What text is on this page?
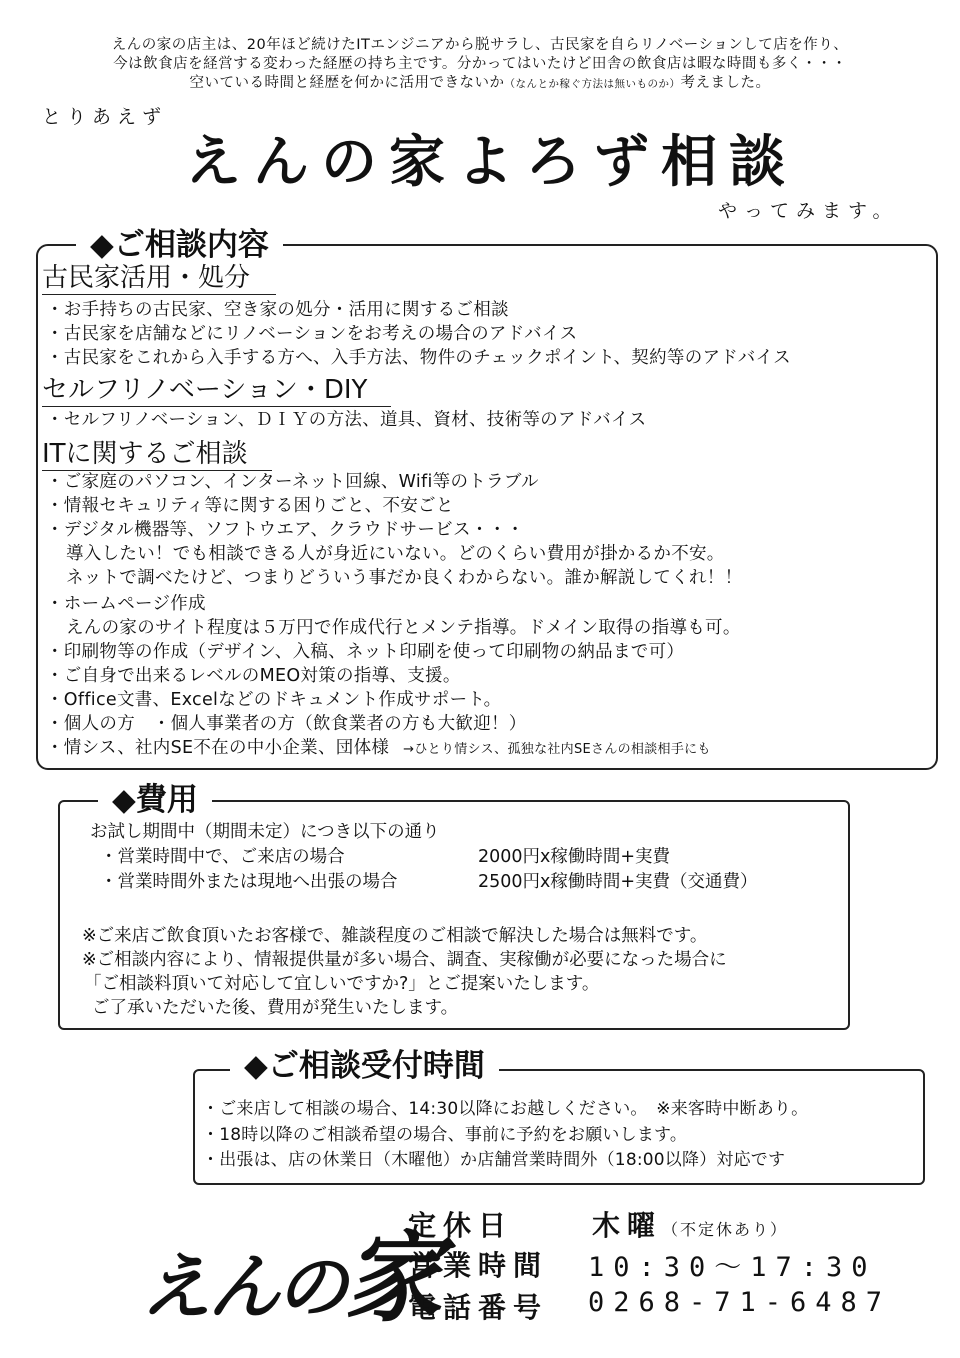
えんの家の店主は、20年ほど続けたITエンジニアから脱サラし、古民家を自らリノベーションして店を作り、
今は飲食店を経営する変わった経歴の持ち主です。分かってはいたけど田舎の飲食店は暇な時間も多く・・・
空いている時間と経歴を何かに活用できないか（なんとか稼ぐ方法は無いものか）考えました。
とりあえず
えんの家よろず相談
やってみます。
◆ご相談内容
古民家活用・処分
・お手持ちの古民家、空き家の処分・活用に関するご相談
・古民家を店舗などにリノベーションをお考えの場合のアドバイス
・古民家をこれから入手する方へ、入手方法、物件のチェックポイント、契約等のアドバイス
セルフリノベーション・DIY
・セルフリノベーション、ＤＩＹの方法、道具、資材、技術等のアドバイス
ITに関するご相談
・ご家庭のパソコン、インターネット回線、Wifi等のトラブル
・情報セキュリティ等に関する困りごと、不安ごと
・デジタル機器等、ソフトウエア、クラウドサービス・・・
導入したい！でも相談できる人が身近にいない。どのくらい費用が掛かるか不安。
ネットで調べたけど、つまりどういう事だか良くわからない。誰か解説してくれ！！
・ホームページ作成
えんの家のサイト程度は５万円で作成代行とメンテ指導。ドメイン取得の指導も可。
・印刷物等の作成（デザイン、入稿、ネット印刷を使って印刷物の納品まで可）
・ご自身で出来るレベルのMEO対策の指導、支援。
・Office文書、Excelなどのドキュメント作成サポート。
・個人の方　・個人事業者の方（飲食業者の方も大歓迎！）
・情シス、社内SE不在の中小企業、団体様 →ひとり情シス、孤独な社内SEさんの相談相手にも
◆費用
お試し期間中（期間未定）につき以下の通り
・営業時間中で、ご来店の場合	2000円x稼働時間+実費
・営業時間外または現地へ出張の場合	2500円x稼働時間+実費（交通費）
※ご来店ご飲食頂いたお客様で、雑談程度のご相談で解決した場合は無料です。
※ご相談内容により、情報提供量が多い場合、調査、実稼働が必要になった場合に
「ご相談料頂いて対応して宜しいですか?」とご提案いたします。
ご了承いただいた後、費用が発生いたします。
◆ご相談受付時間
・ご来店して相談の場合、14:30以降にお越しください。　※来客時中断あり。
・18時以降のご相談希望の場合、事前に予約をお願いします。
・出張は、店の休業日（木曜他）か店舗営業時間外（18:00以降）対応です
えんの家
定休日	木曜（不定休あり）
営業時間 10:30〜17:30
電話番号 0268-71-6487
